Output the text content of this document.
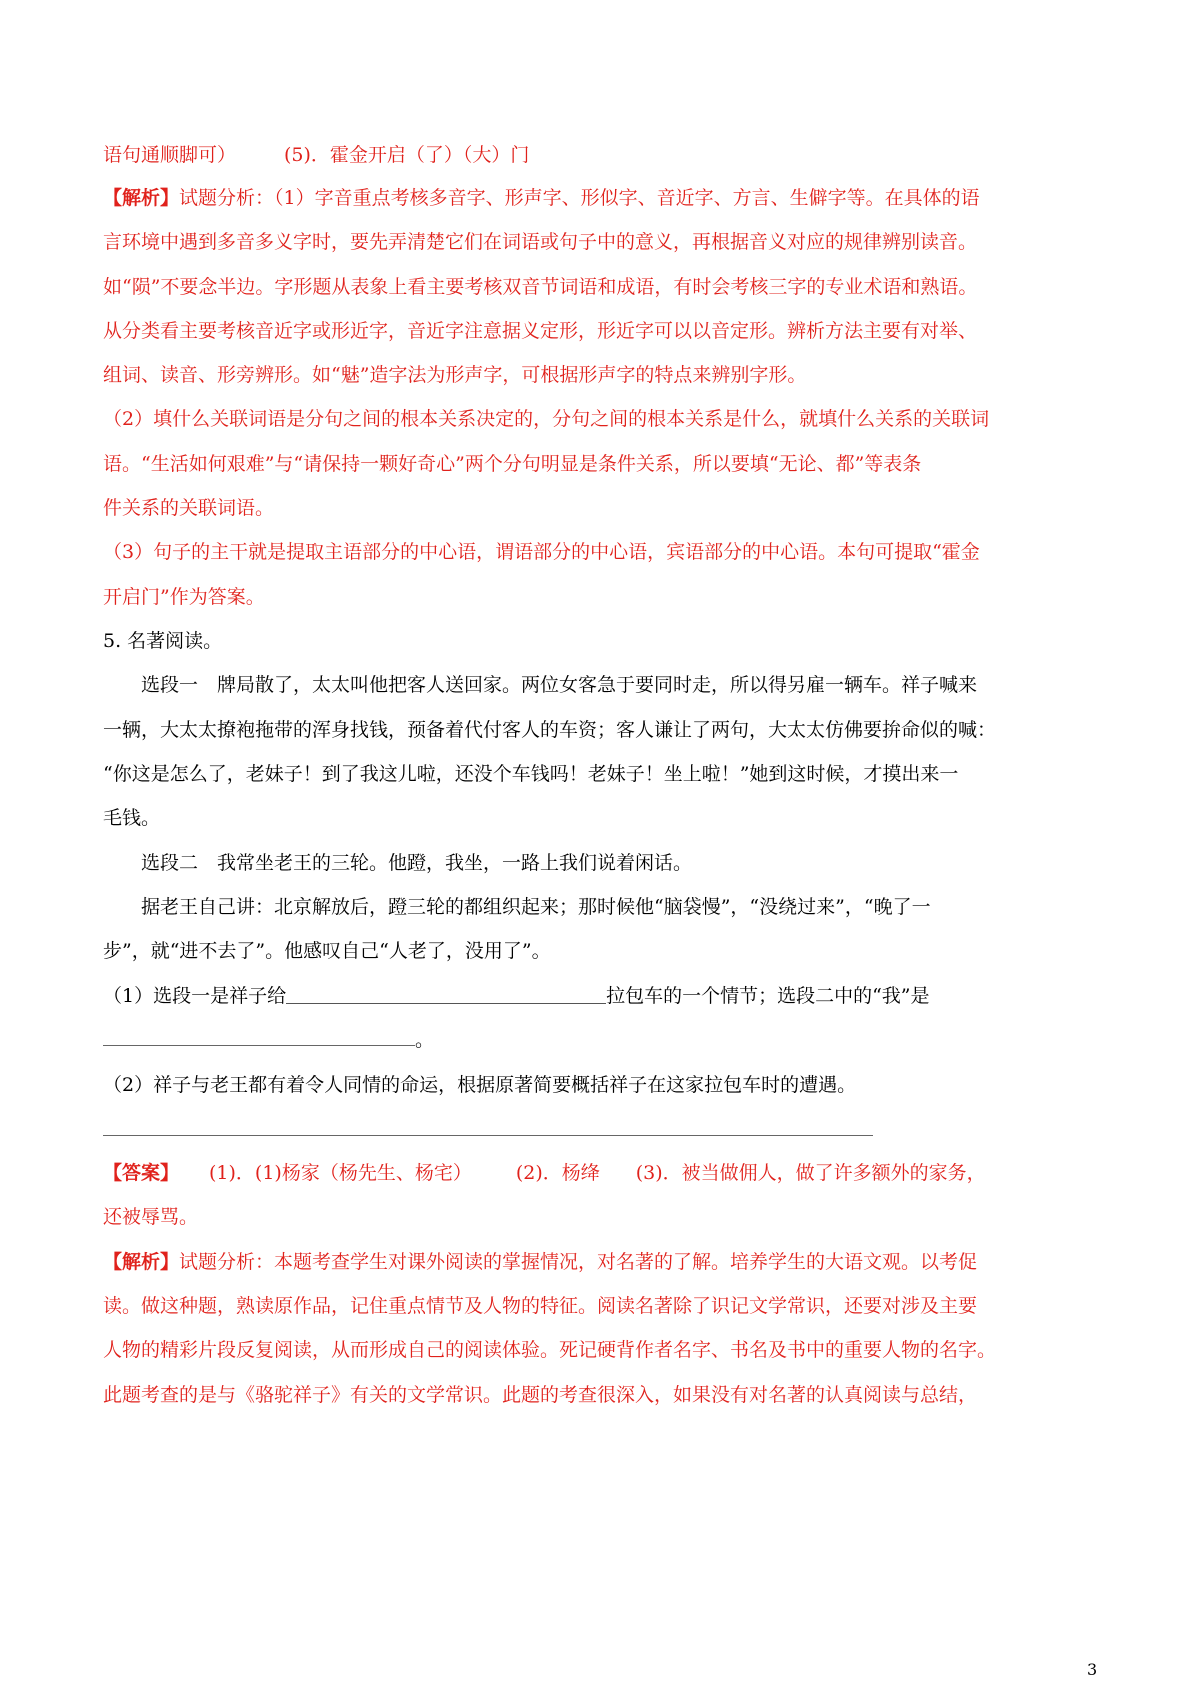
语句通顺脚可）	(5)．霍金开启（了）（大）门
【解析】试题分析：（1）字音重点考核多音字、形声字、形似字、音近字、方言、生僻字等。在具体的语
言环境中遇到多音多义字时，要先弄清楚它们在词语或句子中的意义，再根据音义对应的规律辨别读音。
如“陨”不要念半边。字形题从表象上看主要考核双音节词语和成语，有时会考核三字的专业术语和熟语。
从分类看主要考核音近字或形近字，音近字注意据义定形，形近字可以以音定形。辨析方法主要有对举、
组词、读音、形旁辨形。如“魅”造字法为形声字，可根据形声字的特点来辨别字形。
（2）填什么关联词语是分句之间的根本关系决定的，分句之间的根本关系是什么，就填什么关系的关联词
语。“生活如何艰难”与“请保持一颗好奇心”两个分句明显是条件关系，所以要填“无论、都”等表条
件关系的关联词语。
（3）句子的主干就是提取主语部分的中心语，谓语部分的中心语，宾语部分的中心语。本句可提取“霍金
开启门”作为答案。
5. 名著阅读。
选段一　牌局散了，太太叫他把客人送回家。两位女客急于要同时走，所以得另雇一辆车。祥子喊来
一辆，大太太撩袍拖带的浑身找钱，预备着代付客人的车资；客人谦让了两句，大太太仿佛要拚命似的喊：
“你这是怎么了，老妹子！到了我这儿啦，还没个车钱吗！老妹子！坐上啦！”她到这时候，才摸出来一
毛钱。
选段二　我常坐老王的三轮。他蹬，我坐，一路上我们说着闲话。
据老王自己讲：北京解放后，蹬三轮的都组织起来；那时候他“脑袋慢”，“没绕过来”，“晚了一
步”，就“进不去了”。他感叹自己“人老了，没用了”。
（1）选段一是祥子给	拉包车的一个情节；选段二中的“我”是
。
（2）祥子与老王都有着令人同情的命运，根据原著简要概括祥子在这家拉包车时的遭遇。
【答案】 (1)．(1)杨家（杨先生、杨宅） (2)．杨绛 (3)．被当做佣人，做了许多额外的家务，
还被辱骂。
【解析】试题分析：本题考查学生对课外阅读的掌握情况，对名著的了解。培养学生的大语文观。以考促
读。做这种题，熟读原作品，记住重点情节及人物的特征。阅读名著除了识记文学常识，还要对涉及主要
人物的精彩片段反复阅读，从而形成自己的阅读体验。死记硬背作者名字、书名及书中的重要人物的名字。
此题考查的是与《骆驼祥子》有关的文学常识。此题的考查很深入，如果没有对名著的认真阅读与总结，
3
